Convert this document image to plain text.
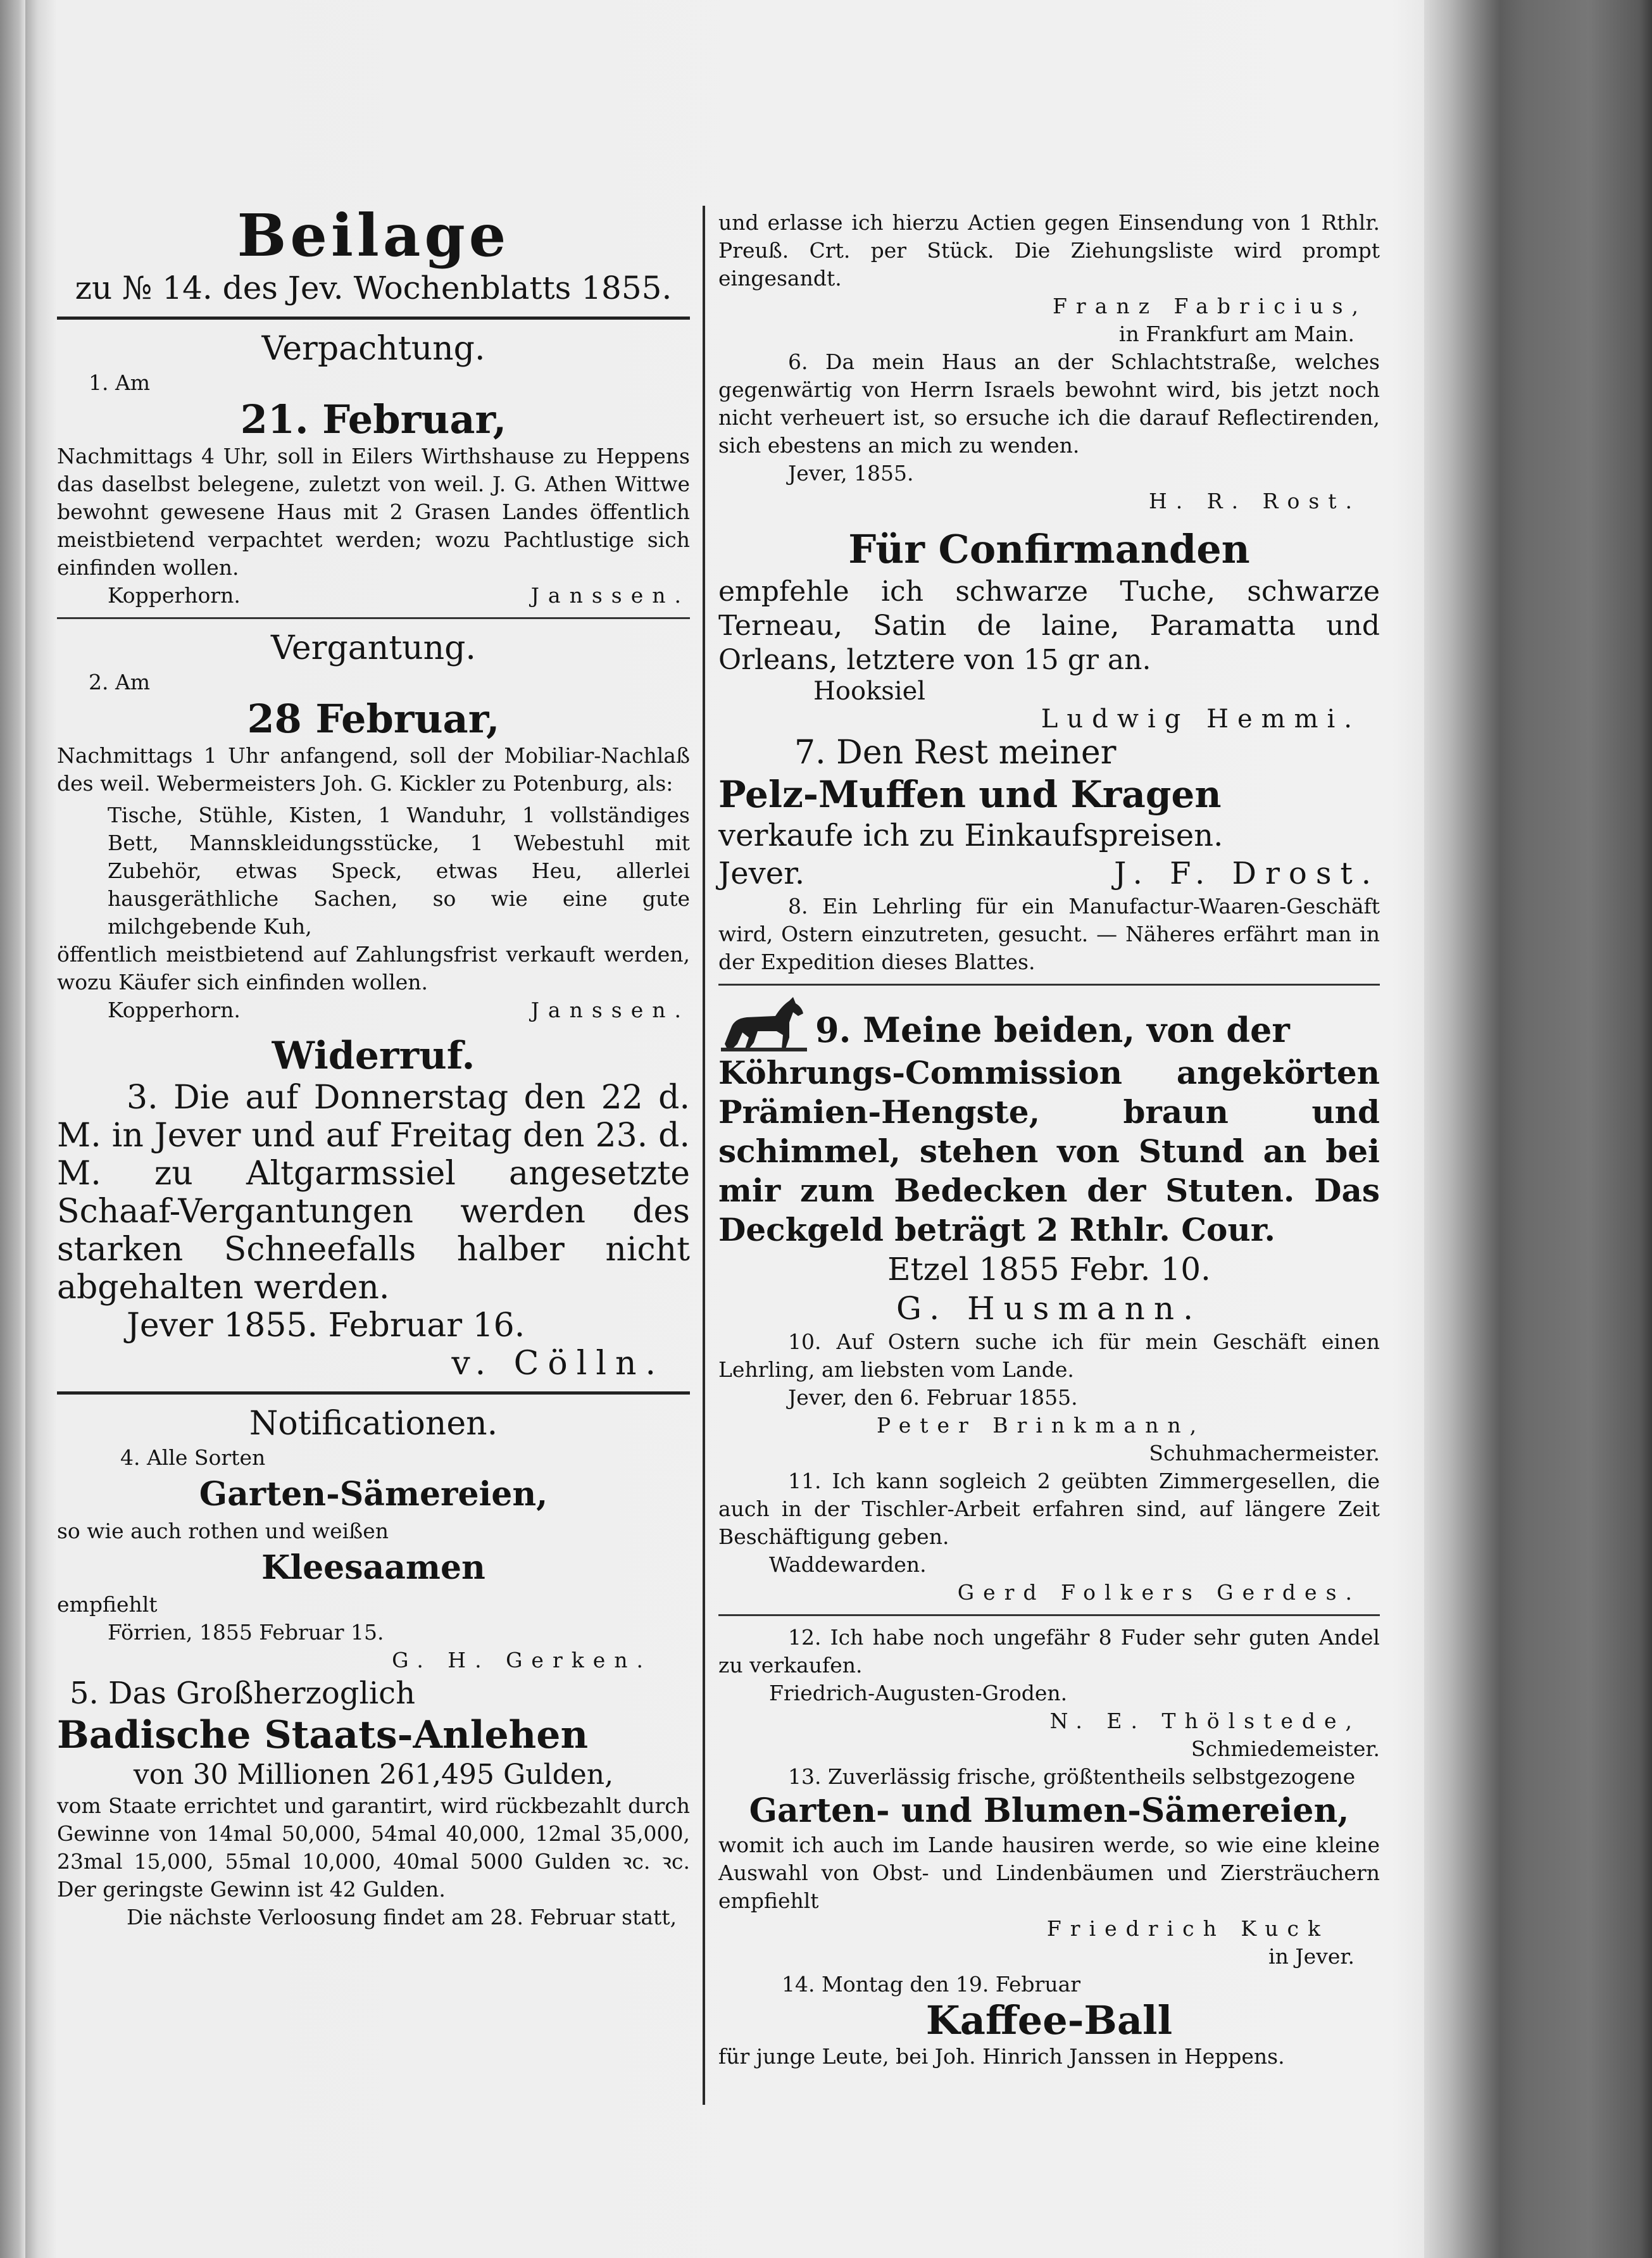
Beilage
zu № 14. des Jev. Wochenblatts 1855.
Verpachtung.

1. Am

21. Februar,

Nachmittags 4 Uhr, soll in Eilers Wirthshause zu Heppens das daselbst belegene, zuletzt von weil. J. G. Athen Wittwe bewohnt gewesene Haus mit 2 Grasen Landes öffentlich meistbietend verpachtet werden; wozu Pachtlustige sich einfinden wollen.

Kopperhorn.	Janssen.

Vergantung.

2. Am

28 Februar,

Nachmittags 1 Uhr anfangend, soll der Mobiliar-Nachlaß des weil. Webermeisters Joh. G. Kickler zu Potenburg, als:

Tische, Stühle, Kisten, 1 Wanduhr, 1 vollständiges Bett, Mannskleidungsstücke, 1 Webestuhl mit Zubehör, etwas Speck, etwas Heu, allerlei hausgeräthliche Sachen, so wie eine gute milchgebende Kuh,

öffentlich meistbietend auf Zahlungsfrist verkauft werden, wozu Käufer sich einfinden wollen.

Kopperhorn.	Janssen.

Widerruf.

3. Die auf Donnerstag den 22 d. M. in Jever und auf Freitag den 23. d. M. zu Altgarmssiel angesetzte Schaaf-Vergantungen werden des starken Schneefalls halber nicht abgehalten werden.

Jever 1855. Februar 16.

v. Cölln.

Notificationen.

4. Alle Sorten

Garten-Sämereien,

so wie auch rothen und weißen

Kleesaamen

empfiehlt

Förrien, 1855 Februar 15.

G. H. Gerken.

5. Das Großherzoglich

Badische Staats-Anlehen

von 30 Millionen 261,495 Gulden,

vom Staate errichtet und garantirt, wird rückbezahlt durch Gewinne von 14mal 50,000, 54mal 40,000, 12mal 35,000, 23mal 15,000, 55mal 10,000, 40mal 5000 Gulden ꝛc. ꝛc. Der geringste Gewinn ist 42 Gulden.

Die nächste Verloosung findet am 28. Februar statt,

und erlasse ich hierzu Actien gegen Einsendung von 1 Rthlr. Preuß. Crt. per Stück. Die Ziehungsliste wird prompt eingesandt.

Franz Fabricius,

in Frankfurt am Main.

6. Da mein Haus an der Schlachtstraße, welches gegenwärtig von Herrn Israels bewohnt wird, bis jetzt noch nicht verheuert ist, so ersuche ich die darauf Reflectirenden, sich ebestens an mich zu wenden.

Jever, 1855.

H. R. Rost.

Für Confirmanden

empfehle ich schwarze Tuche, schwarze Terneau, Satin de laine, Paramatta und Orleans, letztere von 15 gr an.

Hooksiel

Ludwig Hemmi.

7. Den Rest meiner

Pelz-Muffen und Kragen

verkaufe ich zu Einkaufspreisen.

Jever.	J. F. Drost.

8. Ein Lehrling für ein Manufactur-Waaren-Geschäft wird, Ostern einzutreten, gesucht. — Näheres erfährt man in der Expedition dieses Blattes.

9. Meine beiden, von der

Köhrungs-Commission angekörten Prämien-Hengste, braun und schimmel, stehen von Stund an bei mir zum Bedecken der Stuten. Das Deckgeld beträgt 2 Rthlr. Cour.

Etzel 1855 Febr. 10.

G. Husmann.

10. Auf Ostern suche ich für mein Geschäft einen Lehrling, am liebsten vom Lande.

Jever, den 6. Februar 1855.

Peter Brinkmann,

Schuhmachermeister.

11. Ich kann sogleich 2 geübten Zimmergesellen, die auch in der Tischler-Arbeit erfahren sind, auf längere Zeit Beschäftigung geben.

Waddewarden.

Gerd Folkers Gerdes.

12. Ich habe noch ungefähr 8 Fuder sehr guten Andel zu verkaufen.

Friedrich-Augusten-Groden.

N. E. Thölstede,

Schmiedemeister.

13. Zuverlässig frische, größtentheils selbstgezogene

Garten- und Blumen-Sämereien,

womit ich auch im Lande hausiren werde, so wie eine kleine Auswahl von Obst- und Lindenbäumen und Ziersträuchern empfiehlt

Friedrich Kuck

in Jever.

14. Montag den 19. Februar

Kaffee-Ball

für junge Leute, bei Joh. Hinrich Janssen in Heppens.
